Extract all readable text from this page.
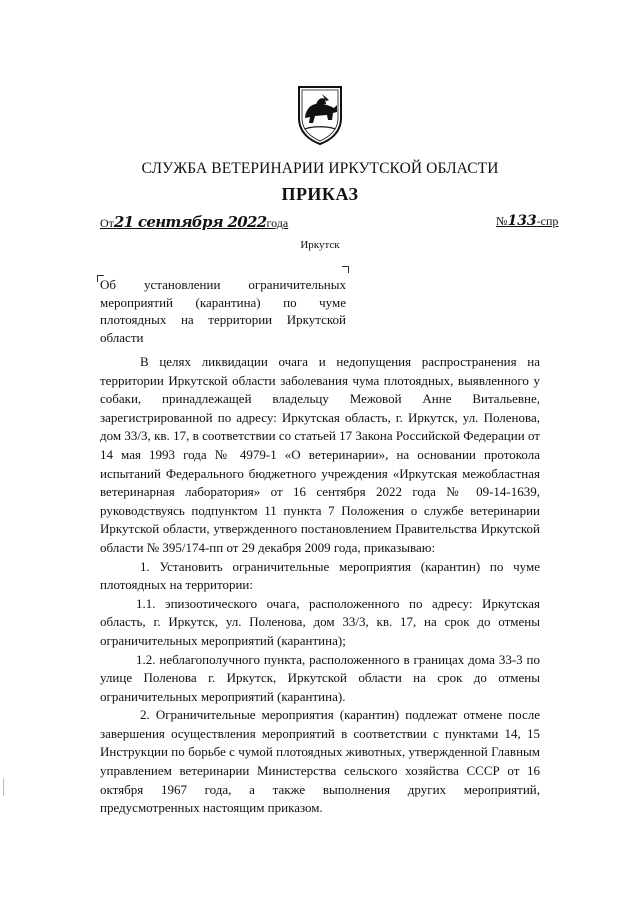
СЛУЖБА ВЕТЕРИНАРИИ ИРКУТСКОЙ ОБЛАСТИ
ПРИКАЗ
От21 сентября 2022года	№133-спр
Иркутск
Об установлении ограничительных мероприятий (карантина) по чуме плотоядных на территории Иркутской области

В целях ликвидации очага и недопущения распространения на территории Иркутской области заболевания чума плотоядных, выявленного у собаки, принадлежащей владельцу Межовой Анне Витальевне, зарегистрированной по адресу: Иркутская область, г. Иркутск, ул. Поленова, дом 33/3, кв. 17, в соответствии со статьей 17 Закона Российской Федерации от 14 мая 1993 года № 4979-1 «О ветеринарии», на основании протокола испытаний Федерального бюджетного учреждения «Иркутская межобластная ветеринарная лаборатория» от 16 сентября 2022 года № 09-14-1639, руководствуясь подпунктом 11 пункта 7 Положения о службе ветеринарии Иркутской области, утвержденного постановлением Правительства Иркутской области № 395/174-пп от 29 декабря 2009 года, приказываю:

1. Установить ограничительные мероприятия (карантин) по чуме плотоядных на территории:

1.1. эпизоотического очага, расположенного по адресу: Иркутская область, г. Иркутск, ул. Поленова, дом 33/3, кв. 17, на срок до отмены ограничительных мероприятий (карантина);

1.2. неблагополучного пункта, расположенного в границах дома 33-3 по улице Поленова г. Иркутск, Иркутской области на срок до отмены ограничительных мероприятий (карантина).

2. Ограничительные мероприятия (карантин) подлежат отмене после завершения осуществления мероприятий в соответствии с пунктами 14, 15 Инструкции по борьбе с чумой плотоядных животных, утвержденной Главным управлением ветеринарии Министерства сельского хозяйства СССР от 16 октября 1967 года, а также выполнения других мероприятий, предусмотренных настоящим приказом.
